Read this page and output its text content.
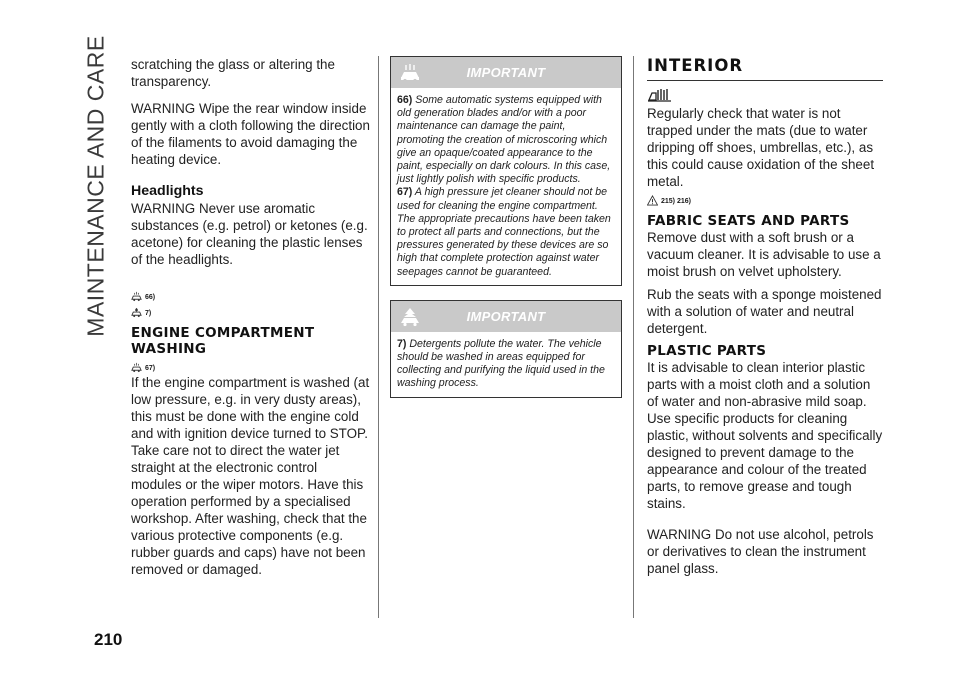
MAINTENANCE AND CARE
210

scratching the glass or altering the transparency.

WARNING Wipe the rear window inside gently with a cloth following the direction of the filaments to avoid damaging the heating device.

Headlights

WARNING Never use aromatic substances (e.g. petrol) or ketones (e.g. acetone) for cleaning the plastic lenses of the headlights.

66)
7)
ENGINE COMPARTMENT WASHING
67)

If the engine compartment is washed (at low pressure, e.g. in very dusty areas), this must be done with the engine cold and with ignition device turned to STOP. Take care not to direct the water jet straight at the electronic control modules or the wiper motors. Have this operation performed by a specialised workshop. After washing, check that the various protective components (e.g. rubber guards and caps) have not been removed or damaged.

IMPORTANT

66) Some automatic systems equipped with old generation blades and/or with a poor maintenance can damage the paint, promoting the creation of microscoring which give an opaque/coated appearance to the paint, especially on dark colours. In this case, just lightly polish with specific products.

67) A high pressure jet cleaner should not be used for cleaning the engine compartment. The appropriate precautions have been taken to protect all parts and connections, but the pressures generated by these devices are so high that complete protection against water seepages cannot be guaranteed.

IMPORTANT

7) Detergents pollute the water. The vehicle should be washed in areas equipped for collecting and purifying the liquid used in the washing process.

INTERIOR

Regularly check that water is not trapped under the mats (due to water dripping off shoes, umbrellas, etc.), as this could cause oxidation of the sheet metal.

215) 216)
FABRIC SEATS AND PARTS

Remove dust with a soft brush or a vacuum cleaner. It is advisable to use a moist brush on velvet upholstery.

Rub the seats with a sponge moistened with a solution of water and neutral detergent.

PLASTIC PARTS

It is advisable to clean interior plastic parts with a moist cloth and a solution of water and non-abrasive mild soap. Use specific products for cleaning plastic, without solvents and specifically designed to prevent damage to the appearance and colour of the treated parts, to remove grease and tough stains.

WARNING Do not use alcohol, petrols or derivatives to clean the instrument panel glass.
